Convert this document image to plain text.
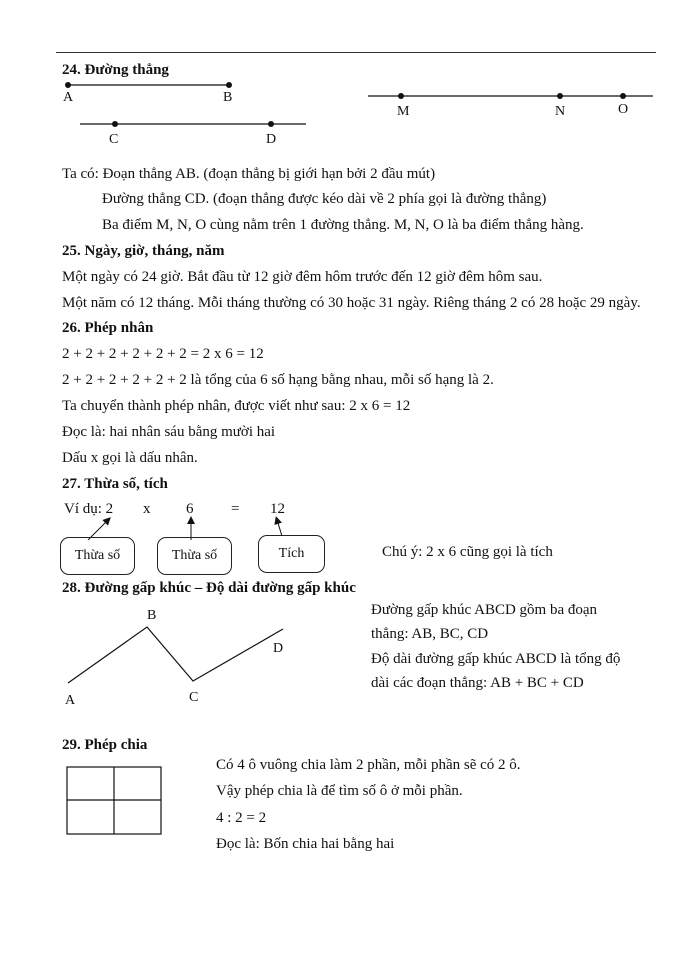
24. Đường thẳng
A	B
C	D
M	N	O
Ta có: Đoạn thẳng AB. (đoạn thẳng bị giới hạn bởi 2 đầu mút)
Đường thẳng CD. (đoạn thẳng được kéo dài về 2 phía gọi là đường thẳng)
Ba điểm M, N, O cùng nằm trên 1 đường thẳng. M, N, O là ba điểm thẳng hàng.
25. Ngày, giờ, tháng, năm
Một ngày có 24 giờ. Bắt đầu từ 12 giờ đêm hôm trước đến 12 giờ đêm hôm sau.
Một năm có 12 tháng. Mỗi tháng thường có 30 hoặc 31 ngày. Riêng tháng 2 có 28 hoặc 29 ngày.
26. Phép nhân
2 + 2 + 2 + 2 + 2 + 2 = 2 x 6 = 12
2 + 2 + 2 + 2 + 2 + 2 là tổng của 6 số hạng bằng nhau, mỗi số hạng là 2.
Ta chuyển thành phép nhân, được viết như sau: 2 x 6 = 12
Đọc là: hai nhân sáu bằng mười hai
Dấu x gọi là dấu nhân.
27. Thừa số, tích
Ví dụ: 2 x 6	= 12
Thừa số	Thừa số	Tích	Chú ý: 2 x 6 cũng gọi là tích
28. Đường gấp khúc – Độ dài đường gấp khúc
B
D
C
A
Đường gấp khúc ABCD gồm ba đoạn
thẳng: AB, BC, CD
Độ dài đường gấp khúc ABCD là tổng độ
dài các đoạn thẳng: AB + BC + CD
29. Phép chia
Có 4 ô vuông chia làm 2 phần, mỗi phần sẽ có 2 ô.
Vậy phép chia là để tìm số ô ở mỗi phần.
4 : 2 = 2
Đọc là: Bốn chia hai bằng hai
